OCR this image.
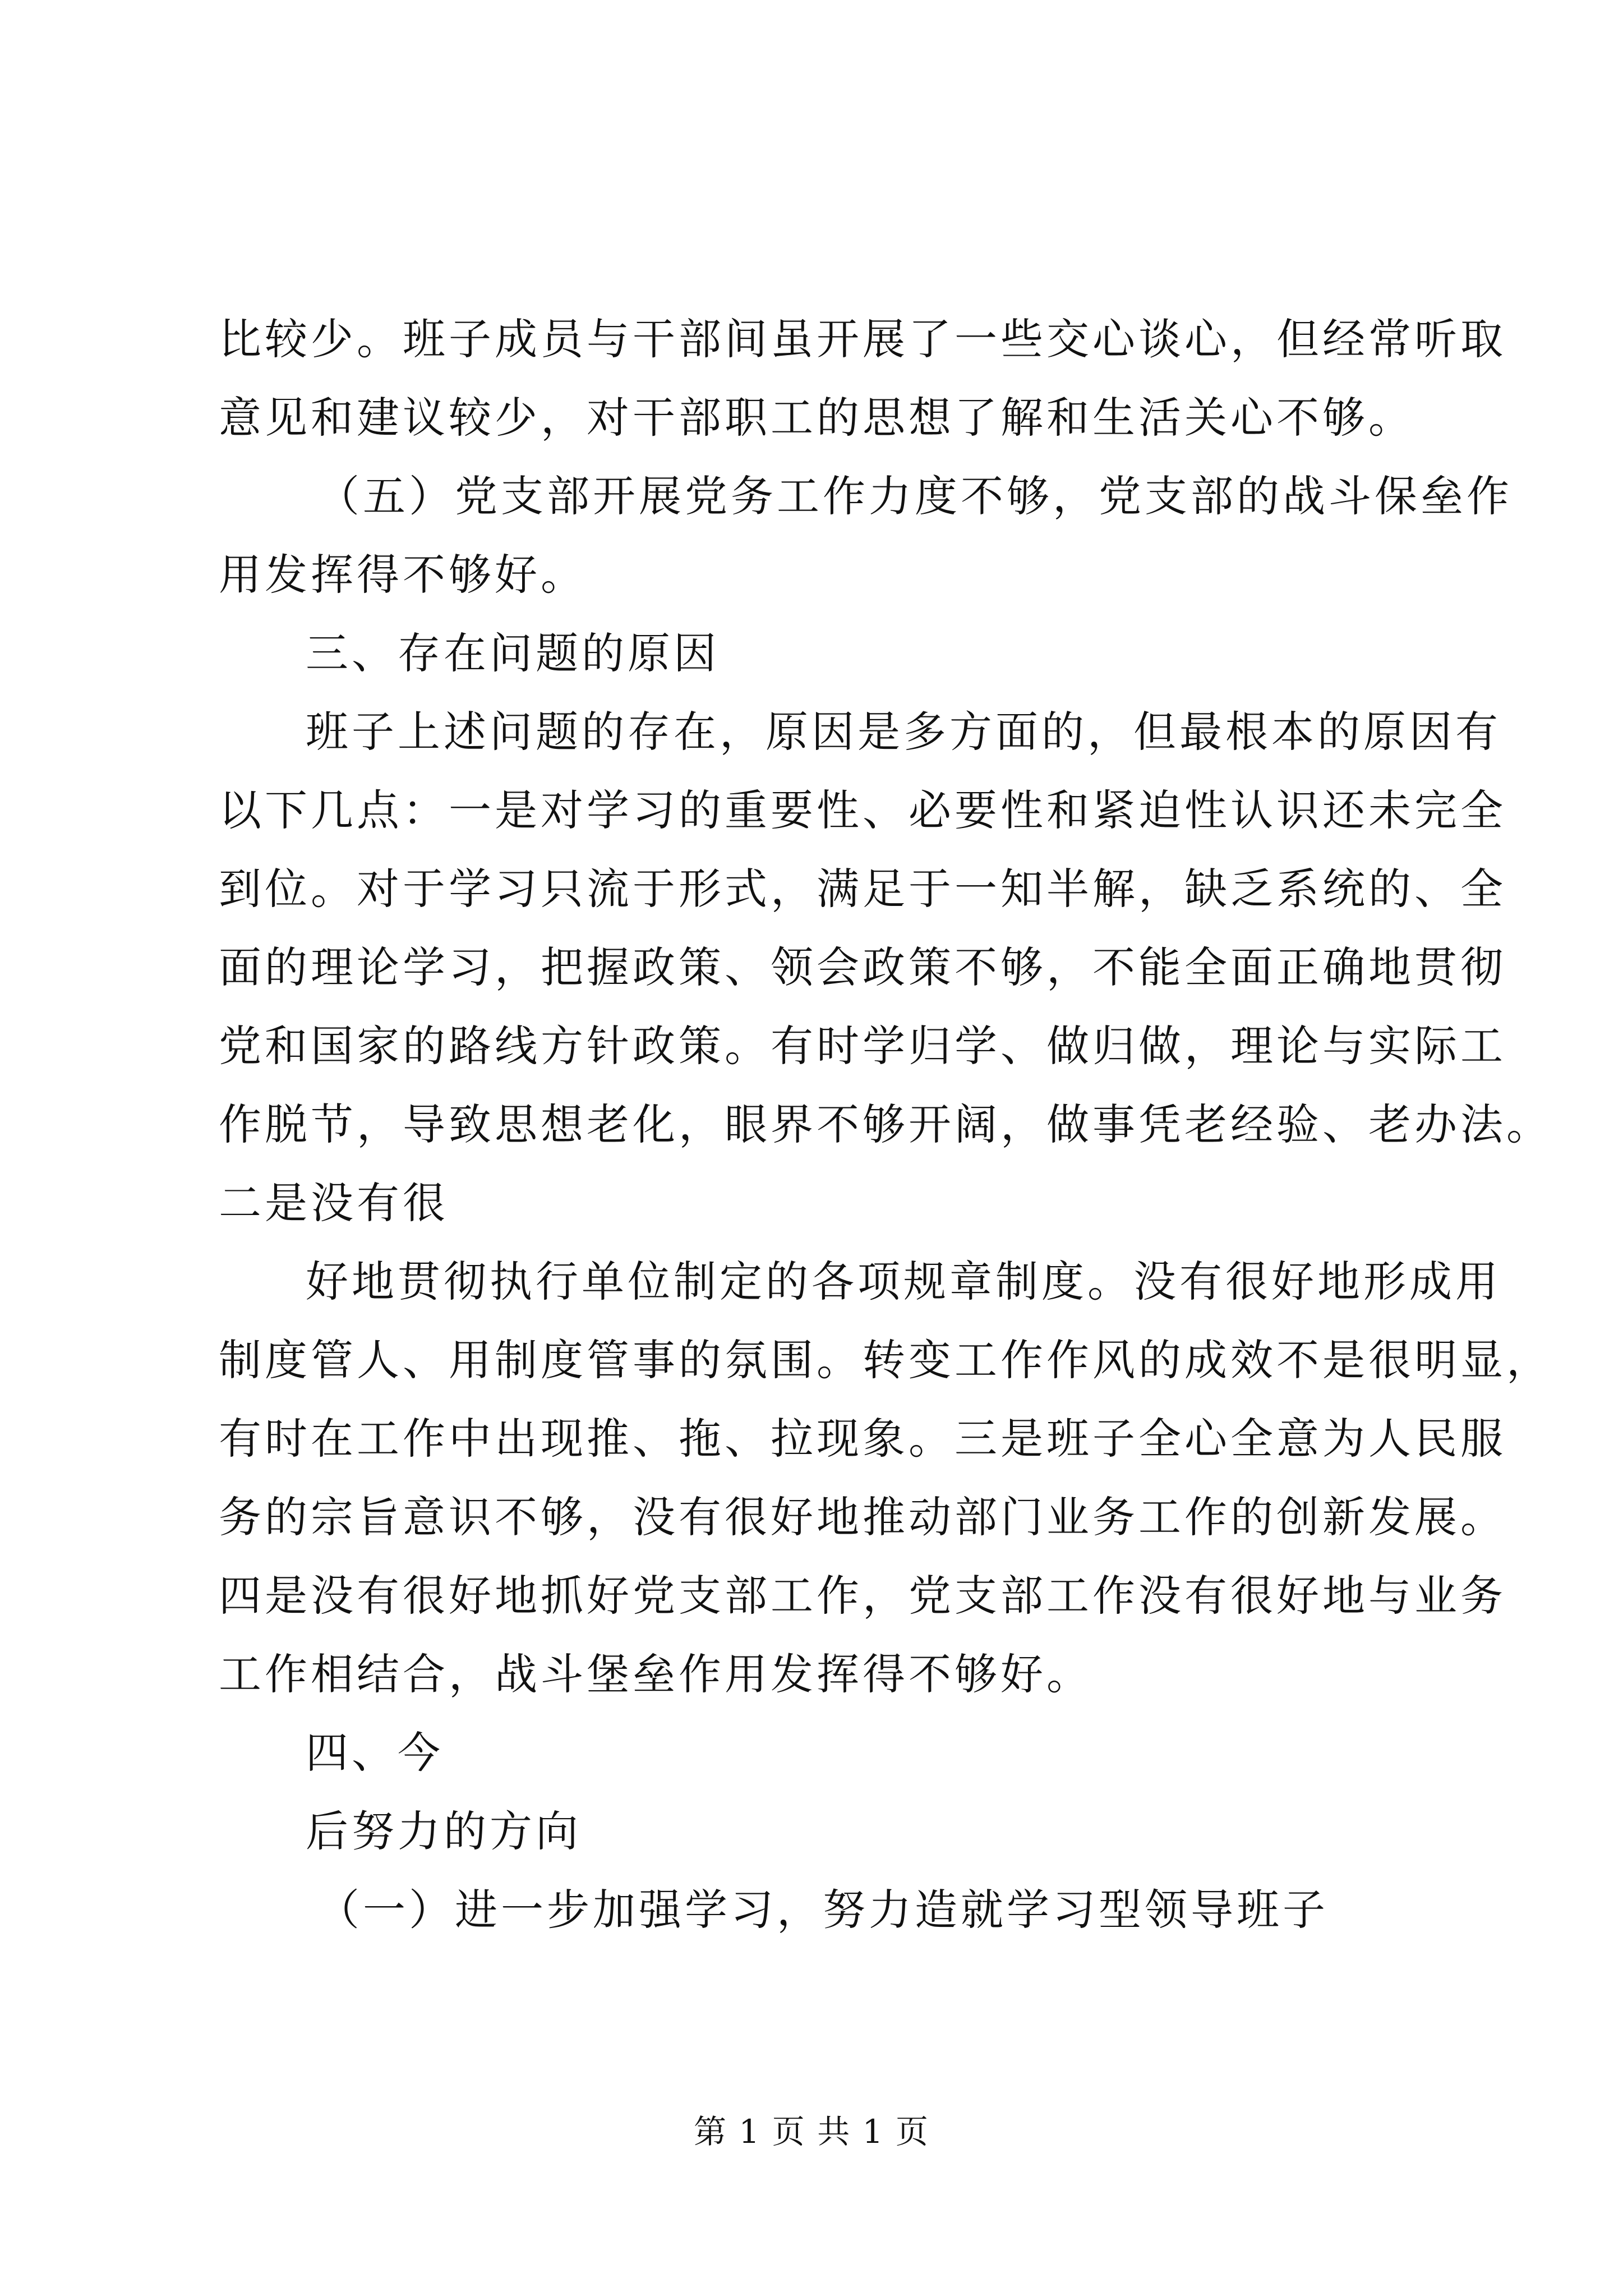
比较少。班子成员与干部间虽开展了一些交心谈心，但经常听取
意见和建议较少，对干部职工的思想了解和生活关心不够。
（五）党支部开展党务工作力度不够，党支部的战斗保垒作
用发挥得不够好。
三、存在问题的原因
班子上述问题的存在，原因是多方面的，但最根本的原因有
以下几点：一是对学习的重要性、必要性和紧迫性认识还未完全
到位。对于学习只流于形式，满足于一知半解，缺乏系统的、全
面的理论学习，把握政策、领会政策不够，不能全面正确地贯彻
党和国家的路线方针政策。有时学归学、做归做，理论与实际工
作脱节，导致思想老化，眼界不够开阔，做事凭老经验、老办法。
二是没有很
好地贯彻执行单位制定的各项规章制度。没有很好地形成用
制度管人、用制度管事的氛围。转变工作作风的成效不是很明显，
有时在工作中出现推、拖、拉现象。三是班子全心全意为人民服
务的宗旨意识不够，没有很好地推动部门业务工作的创新发展。
四是没有很好地抓好党支部工作，党支部工作没有很好地与业务
工作相结合，战斗堡垒作用发挥得不够好。
四、今
后努力的方向
（一）进一步加强学习，努力造就学习型领导班子
第 1 页 共 1 页
